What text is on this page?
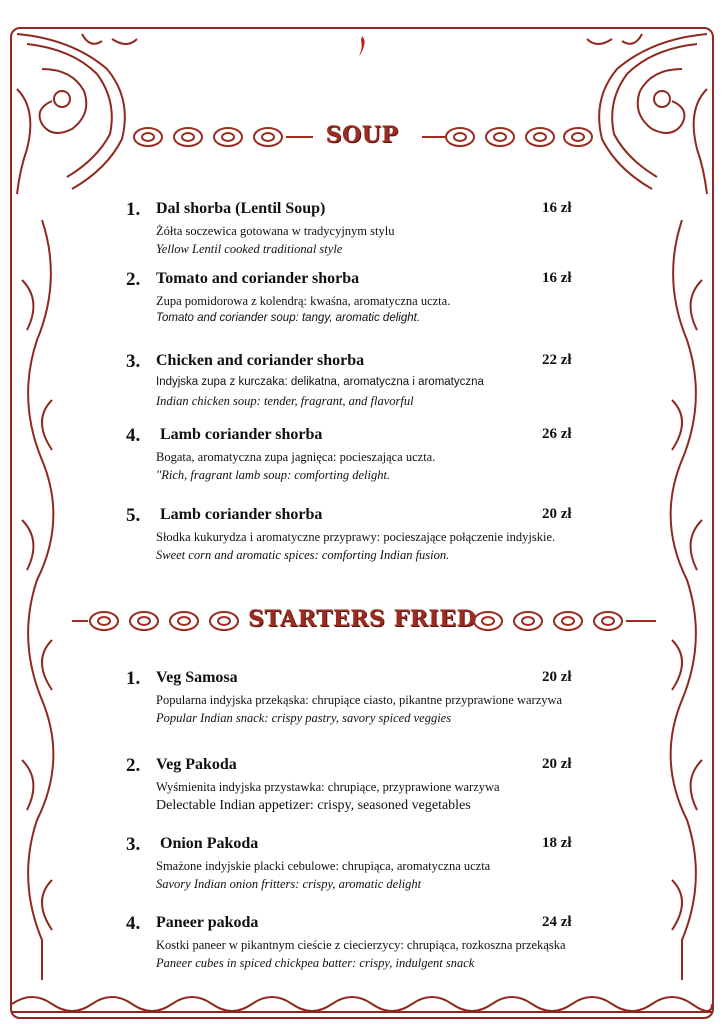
SOUP
1. Dal shorba (Lentil Soup)	16 zł
Żółta soczewica gotowana w tradycyjnym stylu
Yellow Lentil cooked traditional style
2. Tomato and coriander shorba	16 zł
Zupa pomidorowa z kolendrą: kwaśna, aromatyczna uczta.
Tomato and coriander soup: tangy, aromatic delight.
3. Chicken and coriander shorba	22 zł
Indyjska zupa z kurczaka: delikatna, aromatyczna i aromatyczna
Indian chicken soup: tender, fragrant, and flavorful
4. Lamb coriander shorba	26 zł
Bogata, aromatyczna zupa jagnięca: pocieszająca uczta.
"Rich, fragrant lamb soup: comforting delight.
5. Lamb coriander shorba	20 zł
Słodka kukurydza i aromatyczne przyprawy: pocieszające połączenie indyjskie.
Sweet corn and aromatic spices: comforting Indian fusion.
STARTERS FRIED
1. Veg Samosa	20 zł
Popularna indyjska przekąska: chrupiące ciasto, pikantne przyprawione warzywa
Popular Indian snack: crispy pastry, savory spiced veggies
2. Veg Pakoda	20 zł
Wyśmienita indyjska przystawka: chrupiące, przyprawione warzywa
Delectable Indian appetizer: crispy, seasoned vegetables
3. Onion Pakoda	18 zł
Smażone indyjskie placki cebulowe: chrupiąca, aromatyczna uczta
Savory Indian onion fritters: crispy, aromatic delight
4. Paneer pakoda	24 zł
Kostki paneer w pikantnym cieście z ciecierzycy: chrupiąca, rozkoszna przekąska
Paneer cubes in spiced chickpea batter: crispy, indulgent snack
